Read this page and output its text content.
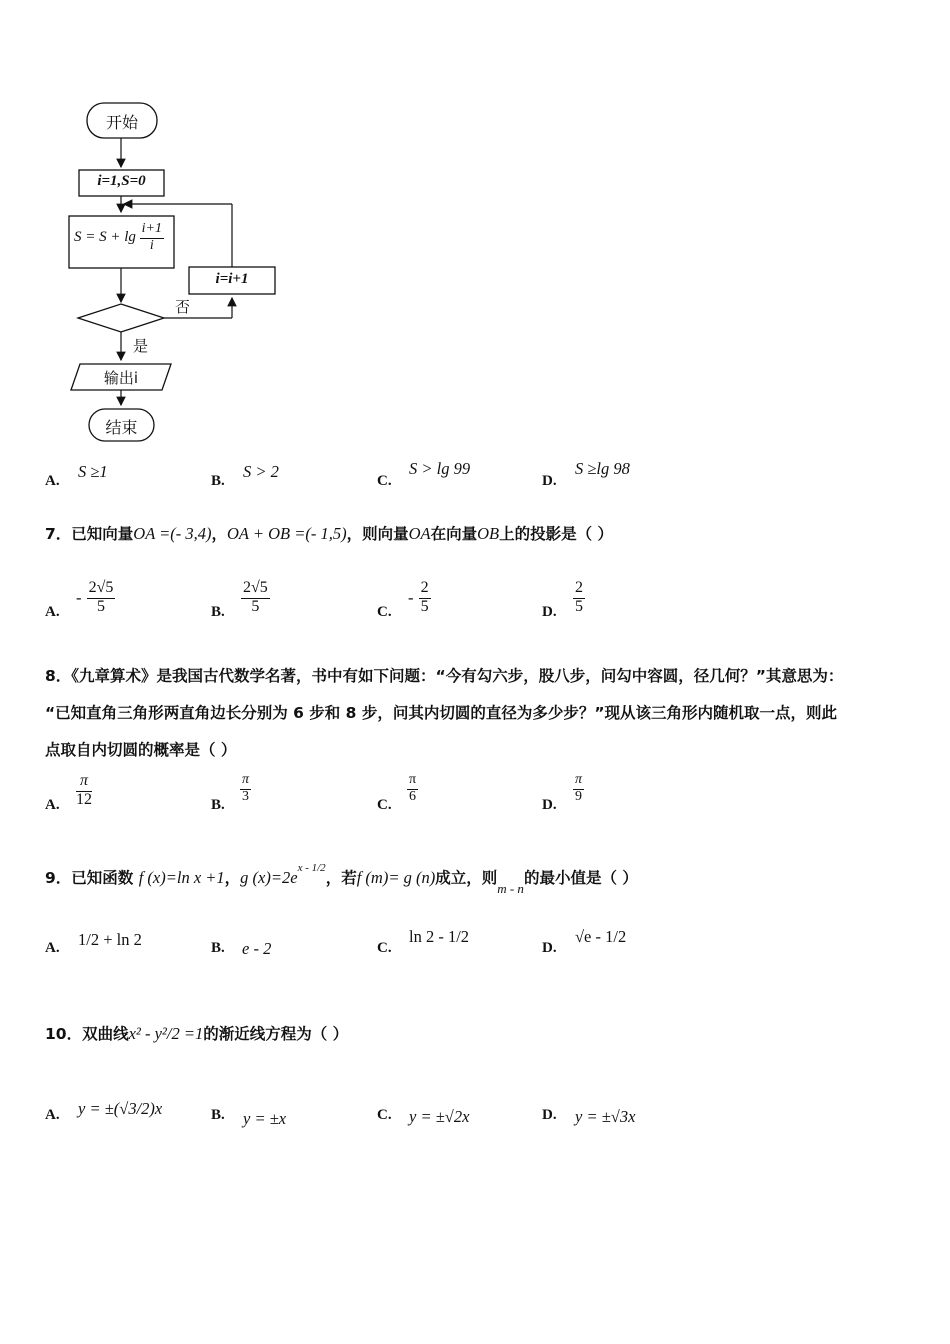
开始
i=1,S=0
$S = S + \lg \frac{i+1}{i}$
i=i+1
否
是
输出i
结束
A. S ≥1	B. S > 2	C.
S > lg 99
D.
S ≥lg 98
7．已知向量OA =(- 3,4)，OA + OB =(- 1,5)，则向量OA在向量OB上的投影是（ ）
A.
- $\frac{2√5}{5}$	B. $\frac{2√5}{5}$	C.
- $\frac{2}{5}$	D. $\frac{2}{5}$
8．《九章算术》是我国古代数学名著，书中有如下问题：“今有勾六步，股八步，问勾中容圆，径几何？”其意思为：
“已知直角三角形两直角边长分别为 6 步和 8 步，问其内切圆的直径为多少步？”现从该三角形内随机取一点，则此
点取自内切圆的概率是（ ）
A. $\frac{\pi}{12}$	B.
$\frac{\pi}{3}$
C.
$\frac{\pi}{6}$
D.
$\frac{\pi}{9}$
9．已知函数 f (x)=ln x +1，g $(x)=2e^{x - 1/2}$，若f (m)= g (n)成立，则$_{m - n}$的最小值是（ ）
A. 1/2 + ln 2	B. e - 2	C.
ln 2 - 1/2
D.
√e - 1/2
10．双曲线x² - y²/2 =1的渐近线方程为（ ）
A. y = ±(√3/2)x	B. y = ±x	C. y = ±√2x	D. y = ±√3x
